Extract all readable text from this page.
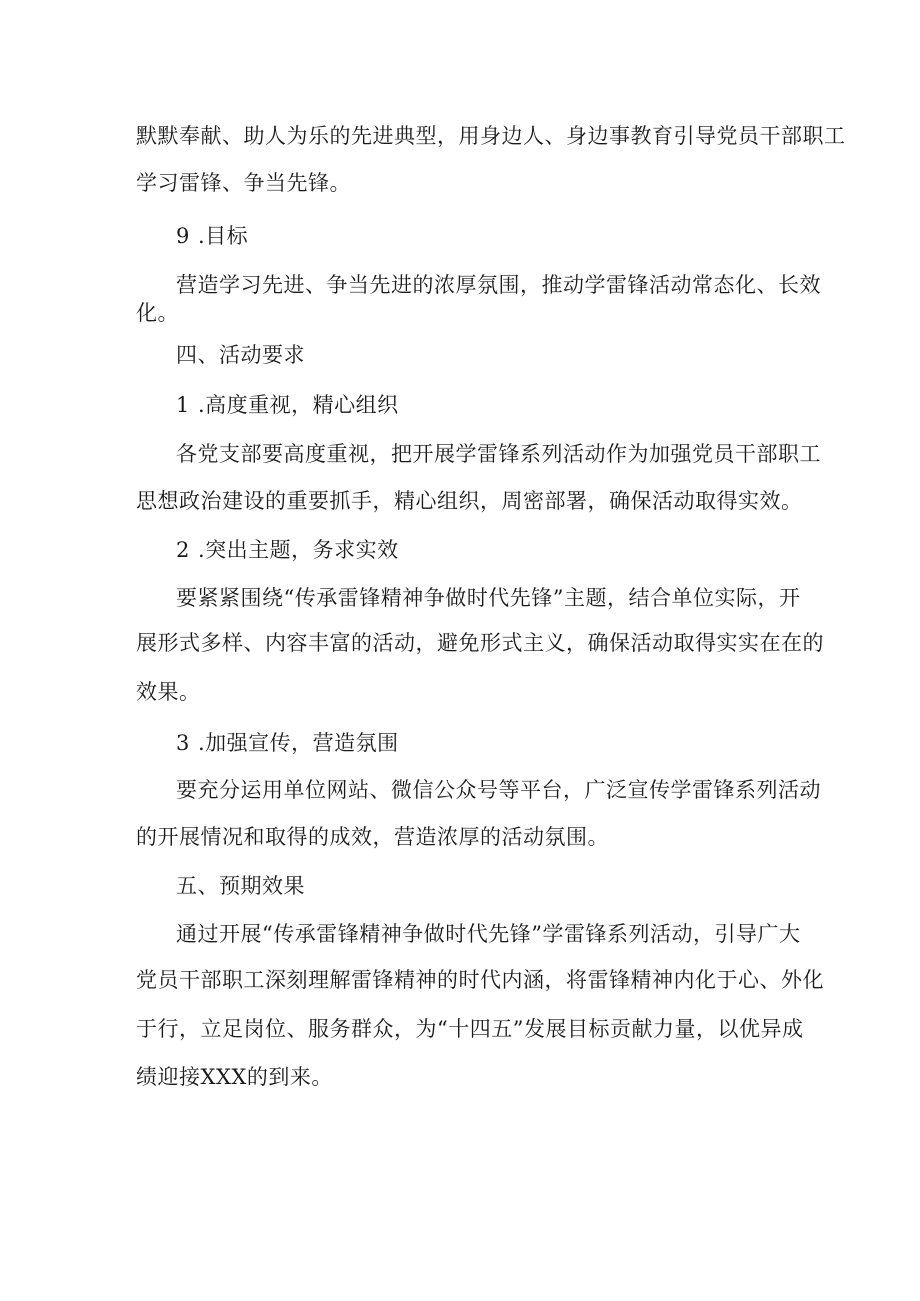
默默奉献、助人为乐的先进典型，用身边人、身边事教育引导党员干部职工
学习雷锋、争当先锋。
9 .目标
营造学习先进、争当先进的浓厚氛围，推动学雷锋活动常态化、长效
化。
四、活动要求
1 .高度重视，精心组织
各党支部要高度重视，把开展学雷锋系列活动作为加强党员干部职工
思想政治建设的重要抓手，精心组织，周密部署，确保活动取得实效。
2 .突出主题，务求实效
要紧紧围绕“传承雷锋精神争做时代先锋”主题，结合单位实际，开
展形式多样、内容丰富的活动，避免形式主义，确保活动取得实实在在的
效果。
3 .加强宣传，营造氛围
要充分运用单位网站、微信公众号等平台，广泛宣传学雷锋系列活动
的开展情况和取得的成效，营造浓厚的活动氛围。
五、预期效果
通过开展“传承雷锋精神争做时代先锋”学雷锋系列活动，引导广大
党员干部职工深刻理解雷锋精神的时代内涵，将雷锋精神内化于心、外化
于行，立足岗位、服务群众，为“十四五”发展目标贡献力量，以优异成
绩迎接XXX的到来。
